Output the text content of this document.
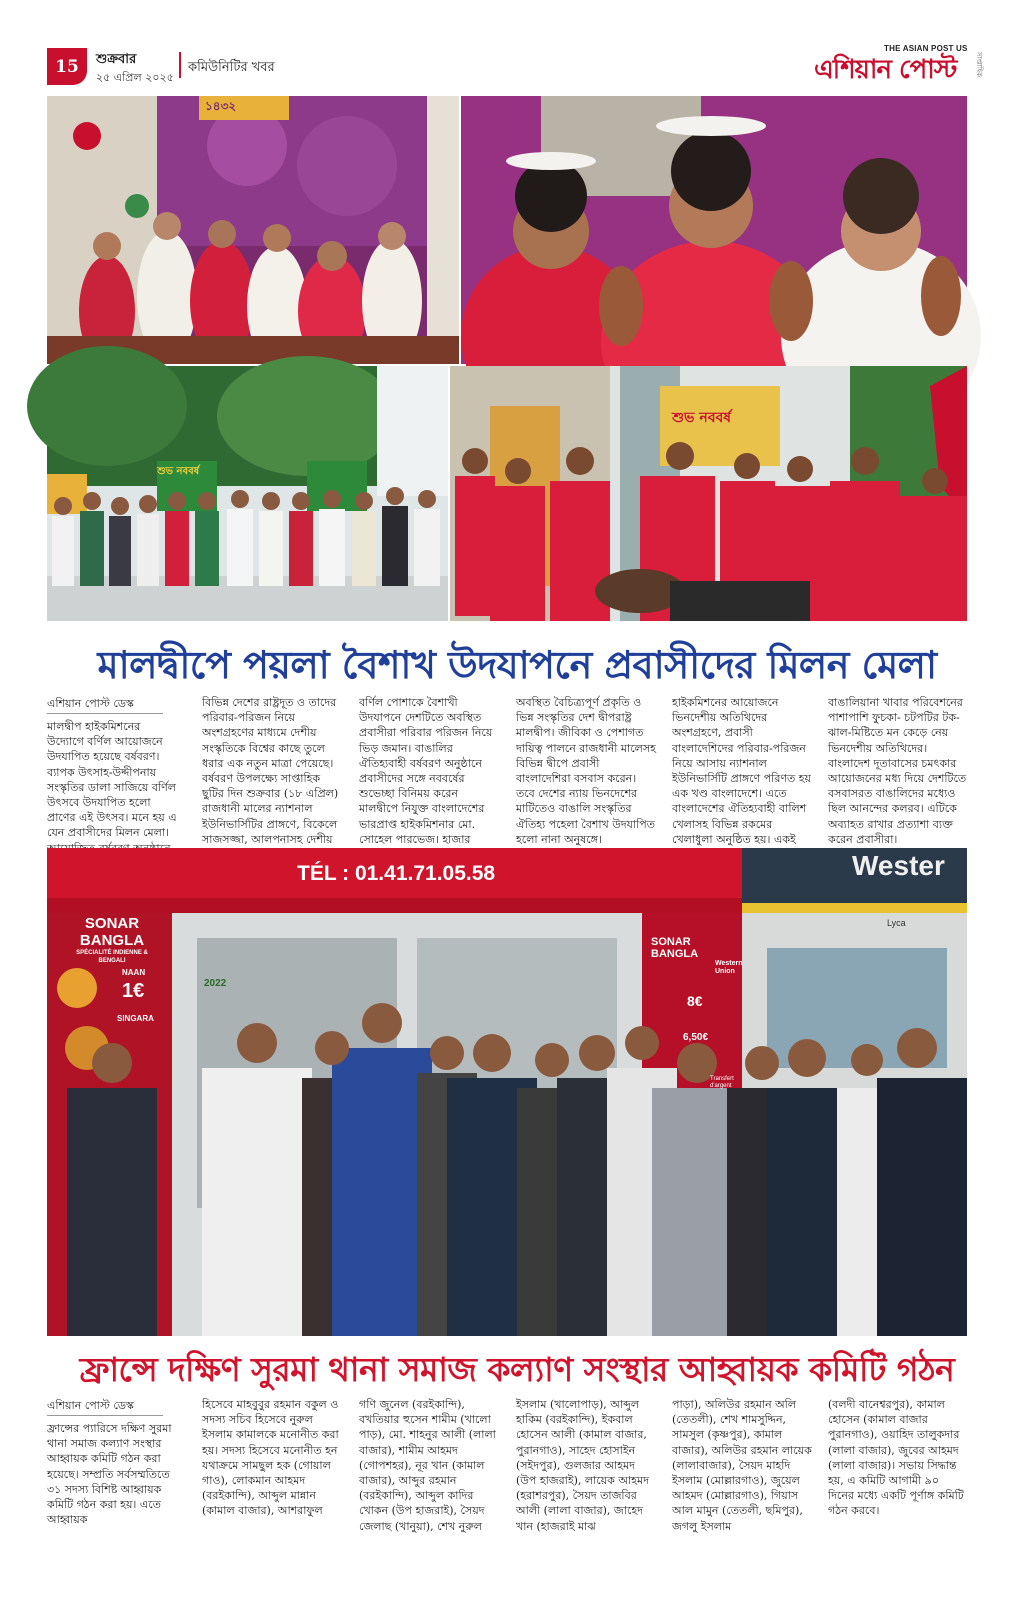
15 শুক্রবার
২৫ এপ্রিল ২০২৫
কমিউনিটির খবর
THE ASIAN POST US
এশিয়ান পোস্ট	সাপ্তাহিক
১৪৩২
শুভ নববর্ষ
শুভ নববর্ষ
মালদ্বীপে পয়লা বৈশাখ উদযাপনে প্রবাসীদের মিলন মেলা
এশিয়ান পোস্ট ডেস্ক
মালদ্বীপ হাইকমিশনের উদ্যোগে বর্ণিল আয়োজনে উদযাপিত হয়েছে বর্ষবরণ। ব্যাপক উৎসাহ-উদ্দীপনায় সংস্কৃতির ডালা সাজিয়ে বর্ণিল উৎসবে উদযাপিত হলো প্রাণের এই উৎসব। মনে হয় এ যেন প্রবাসীদের মিলন মেলা।
বিভিন্ন দেশের রাষ্ট্রদূত ও তাদের পরিবার-পরিজন নিয়ে অংশগ্রহণের মাধ্যমে দেশীয় সংস্কৃতিকে বিশ্বের কাছে তুলে ধরার এক নতুন মাত্রা পেয়েছে। বর্ষবরণ উপলক্ষ্যে সাপ্তাহিক ছুটির দিন শুক্রবার (১৮ এপ্রিল) রাজধানী মালের ন্যাশনাল ইউনিভার্সিটির প্রাঙ্গণে, বিকেলে সাজসজ্জা, আলপনাসহ দেশীয়
বর্ণিল পোশাকে বৈশাখী উদযাপনে দেশটিতে অবস্থিত প্রবাসীরা পরিবার পরিজন নিয়ে ভিড় জমান। বাঙালির ঐতিহ্যবাহী বর্ষবরণ অনুষ্ঠানে প্রবাসীদের সঙ্গে নববর্ষের শুভেচ্ছা বিনিময় করেন মালদ্বীপে নিযুক্ত বাংলাদেশের ভারপ্রাপ্ত হাইকমিশনার মো. সোহেল পারভেজ। হাজার
অবস্থিত বৈচিত্র্যপূর্ণ প্রকৃতি ও ভিন্ন সংস্কৃতির দেশ দ্বীপরাষ্ট্র মালদ্বীপ। জীবিকা ও পেশাগত দায়িত্ব পালনে রাজধানী মালেসহ বিভিন্ন দ্বীপে প্রবাসী বাংলাদেশিরা বসবাস করেন। তবে দেশের ন্যায় ভিনদেশের মাটিতেও বাঙালি সংস্কৃতির ঐতিহ্য পহেলা বৈশাখ উদযাপিত হলো নানা অনুষঙ্গে।
হাইকমিশনের আয়োজনে ভিনদেশীয় অতিথিদের অংশগ্রহণে, প্রবাসী বাংলাদেশিদের পরিবার-পরিজন নিয়ে আসায় ন্যাশনাল ইউনিভার্সিটি প্রাঙ্গণে পরিণত হয় এক খণ্ড বাংলাদেশে। এতে বাংলাদেশের ঐতিহ্যবাহী বালিশ খেলাসহ বিভিন্ন রকমের খেলাধুলা অনুষ্ঠিত হয়। একই
বাঙালিয়ানা খাবার পরিবেশনের পাশাপাশি ফুচকা- চটপটির টক-ঝাল-মিষ্টিতে মন কেড়ে নেয় ভিনদেশীয় অতিথিদের। বাংলাদেশ দূতাবাসের চমৎকার আয়োজনের মধ্য দিয়ে দেশটিতে বসবাসরত বাঙালিদের মধ্যেও ছিল আনন্দের কলরব। এটিকে অব্যাহত রাখার প্রত্যাশা ব্যক্ত করেন প্রবাসীরা।
TÉL : 01.41.71.05.58
SONAR
BANGLA
SPÉCIALITÉ INDIENNE & BENGALI
NAAN
1€
SINGARA
SONAR
BANGLA
8€
6,50€
2022
Western Union
Transfert d'argent
Wester
Lyca
ফ্রান্সে দক্ষিণ সুরমা থানা সমাজ কল্যাণ সংস্থার আহ্বায়ক কমিটি গঠন
এশিয়ান পোস্ট ডেস্ক
ফ্রান্সের প্যারিসে দক্ষিণ সুরমা থানা সমাজ কল্যাণ সংস্থার আহ্বায়ক কমিটি গঠন করা হয়েছে। সম্প্রতি সর্বসম্মতিতে ৩১ সদস্য বিশিষ্ট আহ্বায়ক কমিটি গঠন করা হয়। এতে আহ্বায়ক
হিসেবে মাহবুবুর রহমান বকুল ও সদস্য সচিব হিসেবে নুরুল ইসলাম কামালকে মনোনীত করা হয়। সদস্য হিসেবে মনোনীত হন যথাক্রমে সামছুল হক (গোয়াল গাও), লোকমান আহমদ (বরইকান্দি), আব্দুল মান্নান (কামাল বাজার), আশরাফুল
গণি জুনেল (বরইকান্দি), বখতিয়ার হুসেন শামীম (খালো পাড়), মো. শাহনুর আলী (লালা বাজার), শামীম আহমদ (গোপশহর), নূর খান (কামাল বাজার), আব্দুর রহমান (বরইকান্দি), আব্দুল কাদির খোকন (উপ হাজরাই), সৈয়দ জেলাছ (খানুয়া), শেখ নুরুল
ইসলাম (খালোপাড়), আব্দুল হাকিম (বরইকান্দি), ইকবাল হোসেন আলী (কামাল বাজার, পুরানগাও), সাহেদ হোসাইন (সইদপুর), গুলজার আহমদ (উপ হাজরাই), লায়েক আহমদ (হরাশরপুর), সৈয়দ তাজবির আলী (লালা বাজার), জাহেদ খান (হাজরাই মাঝ
পাড়া), অলিউর রহমান অলি (তেতলী), শেখ শামসুদ্দিন, সামসুল (কৃষ্ণপুর), কামাল বাজার), অলিউর রহমান লায়েক (লালাবাজার), সৈয়দ মাহদি ইসলাম (মোল্লারগাও), জুয়েল আহমদ (মোল্লারগাও), গিয়াস আল মামুন (তেতলী, ছমিপুর), জগলু ইসলাম
(বলদী বানেশ্বরপুর), কামাল হোসেন (কামাল বাজার পুরানগাও), ওয়াহিদ তালুকদার (লালা বাজার), জুবের আহমদ (লালা বাজার)। সভায় সিদ্ধান্ত হয়, এ কমিটি আগামী ৯০ দিনের মধ্যে একটি পূর্ণাঙ্গ কমিটি গঠন করবে।
